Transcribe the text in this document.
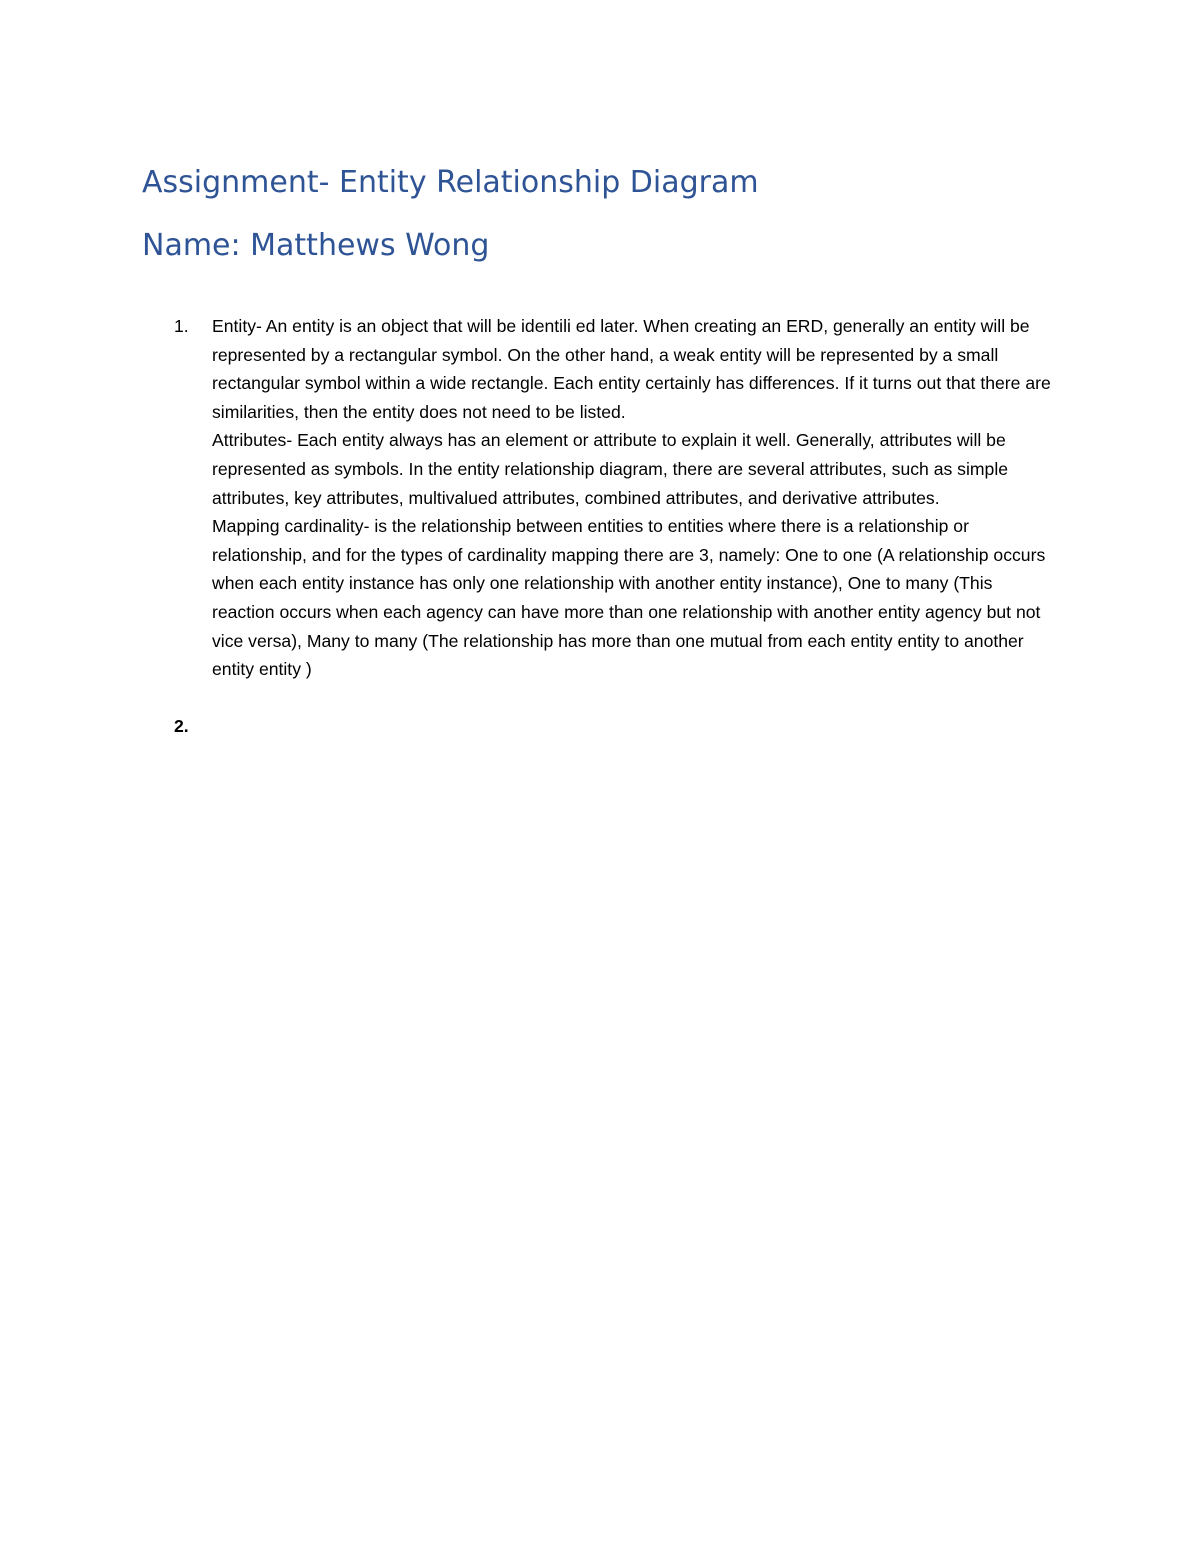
Assignment- Entity Relationship Diagram
Name: Matthews Wong
1. Entity- An entity is an object that will be identili ed later. When creating an ERD, generally an entity will be represented by a rectangular symbol. On the other hand, a weak entity will be represented by a small rectangular symbol within a wide rectangle. Each entity certainly has differences. If it turns out that there are similarities, then the entity does not need to be listed.
Attributes- Each entity always has an element or attribute to explain it well. Generally, attributes will be represented as symbols. In the entity relationship diagram, there are several attributes, such as simple attributes, key attributes, multivalued attributes, combined attributes, and derivative attributes.
Mapping cardinality- is the relationship between entities to entities where there is a relationship or relationship, and for the types of cardinality mapping there are 3, namely: One to one (A relationship occurs when each entity instance has only one relationship with another entity instance), One to many (This reaction occurs when each agency can have more than one relationship with another entity agency but not vice versa), Many to many (The relationship has more than one mutual from each entity entity to another entity entity )
2.
